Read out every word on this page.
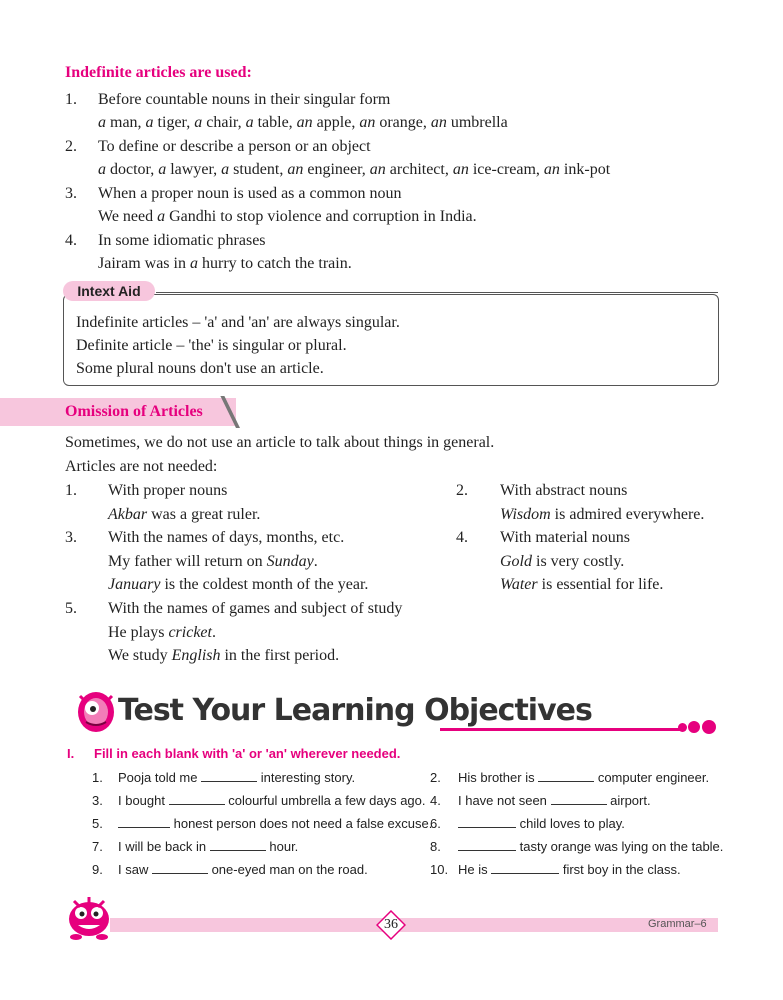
Indefinite articles are used:
1. Before countable nouns in their singular form
a man, a tiger, a chair, a table, an apple, an orange, an umbrella
2. To define or describe a person or an object
a doctor, a lawyer, a student, an engineer, an architect, an ice-cream, an ink-pot
3. When a proper noun is used as a common noun
We need a Gandhi to stop violence and corruption in India.
4. In some idiomatic phrases
Jairam was in a hurry to catch the train.
Intext Aid
Indefinite articles – 'a' and 'an' are always singular.
Definite article – 'the' is singular or plural.
Some plural nouns don't use an article.
Omission of Articles
Sometimes, we do not use an article to talk about things in general.
Articles are not needed:
1. With proper nouns
Akbar was a great ruler.
3. With the names of days, months, etc.
My father will return on Sunday.
January is the coldest month of the year.
5. With the names of games and subject of study
He plays cricket.
We study English in the first period.
2. With abstract nouns
Wisdom is admired everywhere.
4. With material nouns
Gold is very costly.
Water is essential for life.
Test Your Learning Objectives
I. Fill in each blank with 'a' or 'an' wherever needed.
1. Pooja told me	interesting story.	2. His brother is	computer engineer.
3. I bought	colourful umbrella a few days ago. 4. I have not seen	airport.
5.	honest person does not need a false excuse.
6.	child loves to play.
7. I will be back in	hour.	8.	tasty orange was lying on the table.
9. I saw	one-eyed man on the road.	10. He is	first boy in the class.
36	Grammar–6
